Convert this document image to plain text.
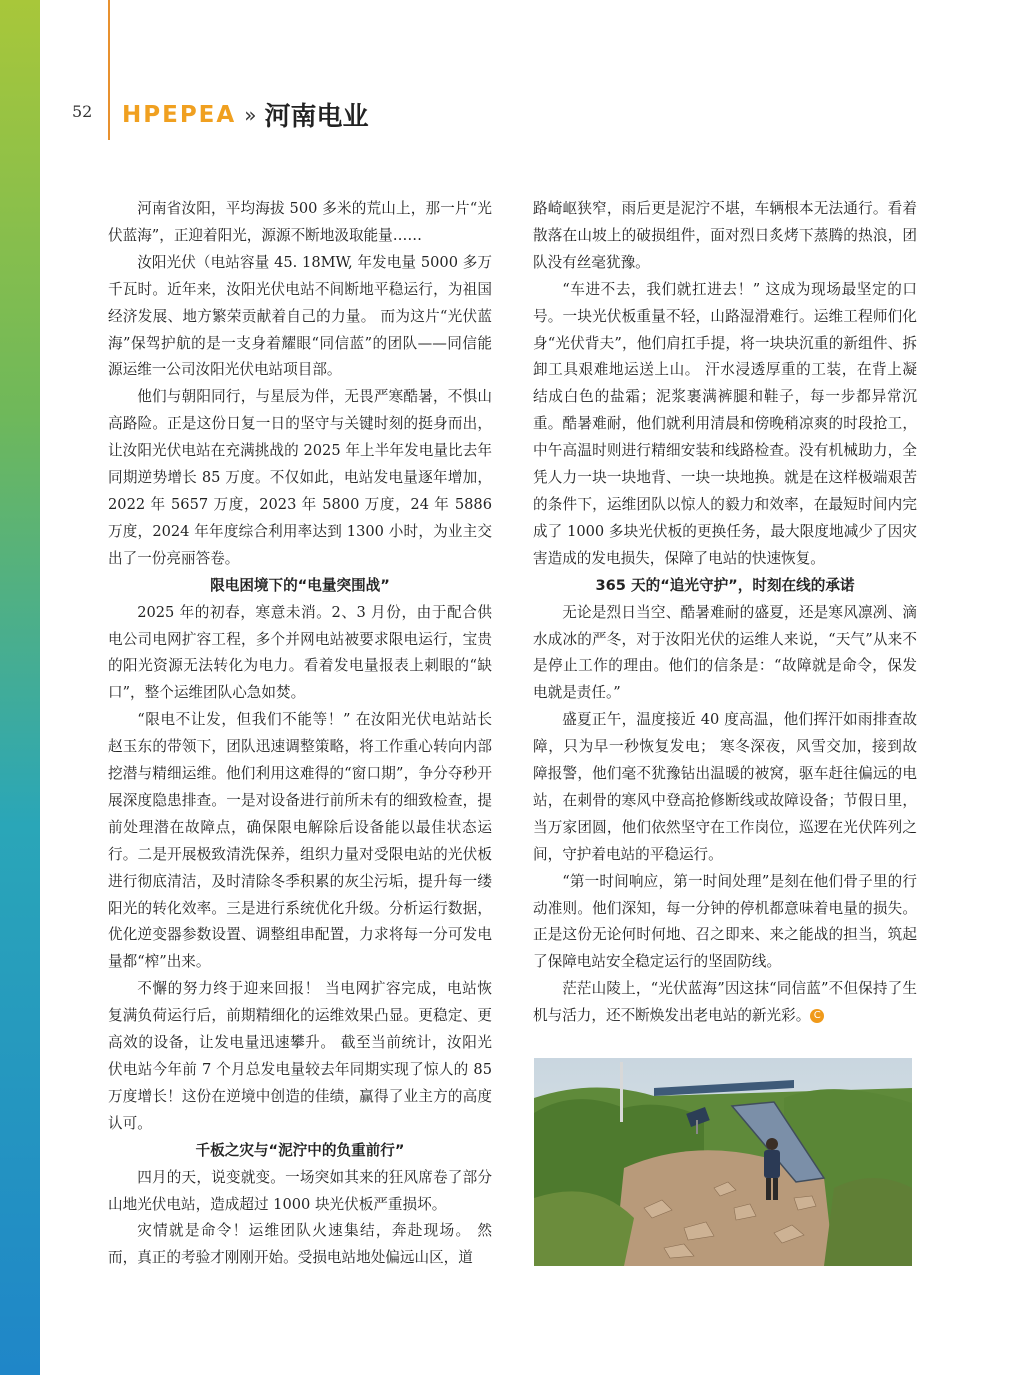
52 HPEPEA » 河南电业

河南省汝阳，平均海拔 500 多米的荒山上，那一片“光伏蓝海”，正迎着阳光，源源不断地汲取能量……

汝阳光伏（电站容量 45. 18MW, 年发电量 5000 多万千瓦时。近年来，汝阳光伏电站不间断地平稳运行，为祖国经济发展、地方繁荣贡献着自己的力量。 而为这片“光伏蓝海”保驾护航的是一支身着耀眼“同信蓝”的团队——同信能源运维一公司汝阳光伏电站项目部。

他们与朝阳同行，与星辰为伴，无畏严寒酷暑，不惧山高路险。正是这份日复一日的坚守与关键时刻的挺身而出，让汝阳光伏电站在充满挑战的 2025 年上半年发电量比去年同期逆势增长 85 万度。不仅如此，电站发电量逐年增加，2022 年 5657 万度，2023 年 5800 万度，24 年 5886 万度，2024 年年度综合利用率达到 1300 小时，为业主交出了一份亮丽答卷。

限电困境下的“电量突围战”

2025 年的初春，寒意未消。2、3 月份，由于配合供电公司电网扩容工程，多个并网电站被要求限电运行，宝贵的阳光资源无法转化为电力。看着发电量报表上刺眼的“缺口”，整个运维团队心急如焚。

“限电不让发，但我们不能等！” 在汝阳光伏电站站长赵玉东的带领下，团队迅速调整策略，将工作重心转向内部挖潜与精细运维。他们利用这难得的“窗口期”，争分夺秒开展深度隐患排查。一是对设备进行前所未有的细致检查，提前处理潜在故障点，确保限电解除后设备能以最佳状态运行。二是开展极致清洗保养，组织力量对受限电站的光伏板进行彻底清洁，及时清除冬季积累的灰尘污垢，提升每一缕阳光的转化效率。三是进行系统优化升级。分析运行数据，优化逆变器参数设置、调整组串配置，力求将每一分可发电量都“榨”出来。

不懈的努力终于迎来回报！ 当电网扩容完成，电站恢复满负荷运行后，前期精细化的运维效果凸显。更稳定、更高效的设备，让发电量迅速攀升。 截至当前统计，汝阳光伏电站今年前 7 个月总发电量较去年同期实现了惊人的 85 万度增长！这份在逆境中创造的佳绩，赢得了业主方的高度认可。

千板之灾与“泥泞中的负重前行”

四月的天，说变就变。一场突如其来的狂风席卷了部分山地光伏电站，造成超过 1000 块光伏板严重损坏。

灾情就是命令！运维团队火速集结，奔赴现场。 然而，真正的考验才刚刚开始。受损电站地处偏远山区，道

路崎岖狭窄，雨后更是泥泞不堪，车辆根本无法通行。看着散落在山坡上的破损组件，面对烈日炙烤下蒸腾的热浪，团队没有丝毫犹豫。

“车进不去，我们就扛进去！” 这成为现场最坚定的口号。一块光伏板重量不轻，山路湿滑难行。运维工程师们化身“光伏背夫”，他们肩扛手提，将一块块沉重的新组件、拆卸工具艰难地运送上山。 汗水浸透厚重的工装，在背上凝结成白色的盐霜；泥浆裹满裤腿和鞋子，每一步都异常沉重。酷暑难耐，他们就利用清晨和傍晚稍凉爽的时段抢工，中午高温时则进行精细安装和线路检查。没有机械助力，全凭人力一块一块地背、一块一块地换。就是在这样极端艰苦的条件下，运维团队以惊人的毅力和效率，在最短时间内完成了 1000 多块光伏板的更换任务，最大限度地减少了因灾害造成的发电损失，保障了电站的快速恢复。

365 天的“追光守护”，时刻在线的承诺

无论是烈日当空、酷暑难耐的盛夏，还是寒风凛冽、滴水成冰的严冬，对于汝阳光伏的运维人来说，“天气”从来不是停止工作的理由。他们的信条是：“故障就是命令，保发电就是责任。”

盛夏正午，温度接近 40 度高温，他们挥汗如雨排查故障，只为早一秒恢复发电； 寒冬深夜，风雪交加，接到故障报警，他们毫不犹豫钻出温暖的被窝，驱车赶往偏远的电站，在刺骨的寒风中登高抢修断线或故障设备；节假日里，当万家团圆，他们依然坚守在工作岗位，巡逻在光伏阵列之间，守护着电站的平稳运行。

“第一时间响应，第一时间处理”是刻在他们骨子里的行动准则。他们深知，每一分钟的停机都意味着电量的损失。正是这份无论何时何地、召之即来、来之能战的担当，筑起了保障电站安全稳定运行的坚固防线。

茫茫山陵上，“光伏蓝海”因这抹“同信蓝”不但保持了生机与活力，还不断焕发出老电站的新光彩。 C
